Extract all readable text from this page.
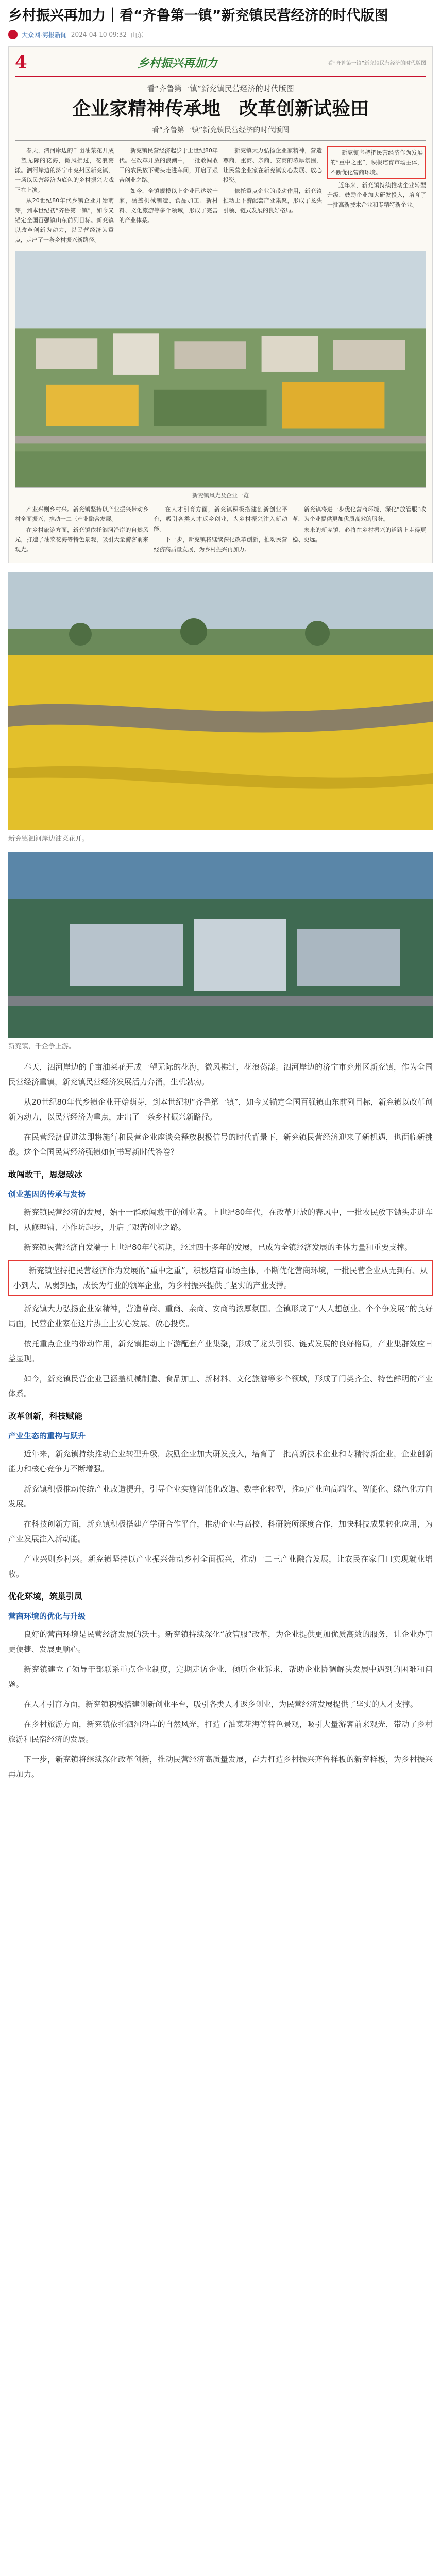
乡村振兴再加力｜看“齐鲁第一镇”新兖镇民营经济的时代版图
大众网·海报新闻 2024-04-10 09:32 山东
4	乡村振兴再加力	看“齐鲁第一镇”新兖镇民营经济的时代版图
看“齐鲁第一镇”新兖镇民营经济的时代版图
企业家精神传承地　改革创新试验田
看“齐鲁第一镇”新兖镇民营经济的时代版图

春天，泗河岸边的千亩油菜花开成一望无际的花海，微风拂过，花浪荡漾。泗河岸边的济宁市兖州区新兖镇，一场以民营经济为底色的乡村振兴大戏正在上演。

从20世纪80年代乡镇企业开始萌芽，到本世纪初“齐鲁第一镇”，如今又锚定全国百强镇山东前列目标。新兖镇以改革创新为动力，以民营经济为重点，走出了一条乡村振兴新路径。

新兖镇民营经济起步于上世纪80年代。在改革开放的浪潮中，一批敢闯敢干的农民放下锄头走进车间，开启了艰苦创业之路。

如今，全镇规模以上企业已达数十家，涵盖机械制造、食品加工、新材料、文化旅游等多个领域，形成了完善的产业体系。

新兖镇大力弘扬企业家精神，营造尊商、重商、亲商、安商的浓厚氛围，让民营企业家在新兖镇安心发展、放心投资。

依托重点企业的带动作用，新兖镇推动上下游配套产业集聚，形成了龙头引领、链式发展的良好格局。

新兖镇坚持把民营经济作为发展的“重中之重”，积极培育市场主体，不断优化营商环境。

近年来，新兖镇持续推动企业转型升级，鼓励企业加大研发投入，培育了一批高新技术企业和专精特新企业。

新兖镇风光及企业一览

产业兴则乡村兴。新兖镇坚持以产业振兴带动乡村全面振兴，推动一二三产业融合发展。

在乡村旅游方面，新兖镇依托泗河沿岸的自然风光，打造了油菜花海等特色景观，吸引大量游客前来观光。

在人才引育方面，新兖镇积极搭建创新创业平台，吸引各类人才返乡创业，为乡村振兴注入新动能。

下一步，新兖镇将继续深化改革创新，推动民营经济高质量发展，为乡村振兴再加力。

新兖镇将进一步优化营商环境，深化“放管服”改革，为企业提供更加优质高效的服务。

未来的新兖镇，必将在乡村振兴的道路上走得更稳、更远。

新兖镇泗河岸边油菜花开。
新兖镇，千企争上游。

春天，泗河岸边的千亩油菜花开成一望无际的花海，微风拂过，花浪荡漾。泗河岸边的济宁市兖州区新兖镇，作为全国民营经济重镇，新兖镇民营经济发展活力奔涌，生机勃勃。

从20世纪80年代乡镇企业开始萌芽，到本世纪初“齐鲁第一镇”，如今又锚定全国百强镇山东前列目标，新兖镇以改革创新为动力，以民营经济为重点，走出了一条乡村振兴新路径。

在民营经济促进法即将施行和民营企业座谈会释放积极信号的时代背景下，新兖镇民营经济迎来了新机遇，也面临新挑战。这个全国民营经济强镇如何书写新时代答卷？

敢闯敢干，思想破冰
创业基因的传承与发扬

新兖镇民营经济的发展，始于一群敢闯敢干的创业者。上世纪80年代，在改革开放的春风中，一批农民放下锄头走进车间，从修理铺、小作坊起步，开启了艰苦创业之路。

新兖镇民营经济自发端于上世纪80年代初期，经过四十多年的发展，已成为全镇经济发展的主体力量和重要支撑。

新兖镇坚持把民营经济作为发展的“重中之重”，积极培育市场主体，不断优化营商环境，一批民营企业从无到有、从小到大、从弱到强，成长为行业的领军企业，为乡村振兴提供了坚实的产业支撑。

新兖镇大力弘扬企业家精神，营造尊商、重商、亲商、安商的浓厚氛围。全镇形成了“人人想创业、个个争发展”的良好局面，民营企业家在这片热土上安心发展、放心投资。

依托重点企业的带动作用，新兖镇推动上下游配套产业集聚，形成了龙头引领、链式发展的良好格局，产业集群效应日益显现。

如今，新兖镇民营企业已涵盖机械制造、食品加工、新材料、文化旅游等多个领域，形成了门类齐全、特色鲜明的产业体系。

改革创新，科技赋能
产业生态的重构与跃升

近年来，新兖镇持续推动企业转型升级，鼓励企业加大研发投入，培育了一批高新技术企业和专精特新企业，企业创新能力和核心竞争力不断增强。

新兖镇积极推动传统产业改造提升，引导企业实施智能化改造、数字化转型，推动产业向高端化、智能化、绿色化方向发展。

在科技创新方面，新兖镇积极搭建产学研合作平台，推动企业与高校、科研院所深度合作，加快科技成果转化应用，为产业发展注入新动能。

产业兴则乡村兴。新兖镇坚持以产业振兴带动乡村全面振兴，推动一二三产业融合发展，让农民在家门口实现就业增收。

优化环境，筑巢引凤
营商环境的优化与升级

良好的营商环境是民营经济发展的沃土。新兖镇持续深化“放管服”改革，为企业提供更加优质高效的服务，让企业办事更便捷、发展更顺心。

新兖镇建立了领导干部联系重点企业制度，定期走访企业，倾听企业诉求，帮助企业协调解决发展中遇到的困难和问题。

在人才引育方面，新兖镇积极搭建创新创业平台，吸引各类人才返乡创业，为民营经济发展提供了坚实的人才支撑。

在乡村旅游方面，新兖镇依托泗河沿岸的自然风光，打造了油菜花海等特色景观，吸引大量游客前来观光，带动了乡村旅游和民宿经济的发展。

下一步，新兖镇将继续深化改革创新，推动民营经济高质量发展，奋力打造乡村振兴齐鲁样板的新兖样板，为乡村振兴再加力。
